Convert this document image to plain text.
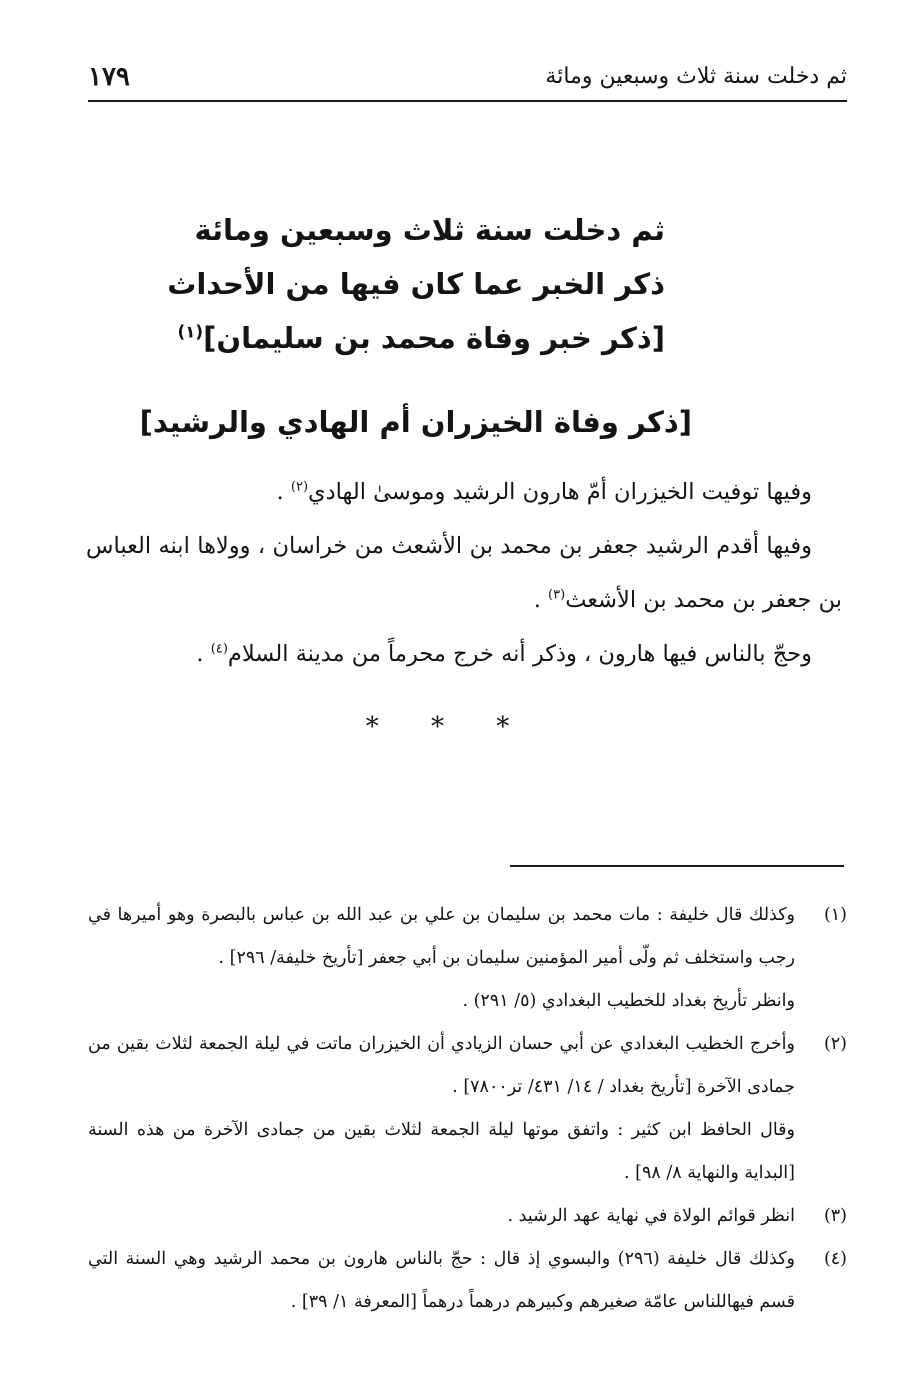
ثم دخلت سنة ثلاث وسبعين ومائة
١٧٩
ثم دخلت سنة ثلاث وسبعين ومائة
ذكر الخبر عما كان فيها من الأحداث
[ذكر خبر وفاة محمد بن سليمان]$^{(١)}$
[ذكر وفاة الخيزران أم الهادي والرشيد]

وفيها توفيت الخيزران أمّ هارون الرشيد وموسىٰ الهادي$^{(٢)}$ .

وفيها أقدم الرشيد جعفر بن محمد بن الأشعث من خراسان ، وولاها ابنه العباس بن جعفر بن محمد بن الأشعث$^{(٣)}$ .

وحجّ بالناس فيها هارون ، وذكر أنه خرج محرماً من مدينة السلام$^{(٤)}$ .

* * *
(١)
وكذلك قال خليفة : مات محمد بن سليمان بن علي بن عبد الله بن عباس بالبصرة وهو أميرها في رجب واستخلف ثم ولّى أمير المؤمنين سليمان بن أبي جعفر [تأريخ خليفة/ ٢٩٦] .
وانظر تأريخ بغداد للخطيب البغدادي (٥/ ٢٩١) .
(٢)
وأخرج الخطيب البغدادي عن أبي حسان الزيادي أن الخيزران ماتت في ليلة الجمعة لثلاث بقين من جمادى الآخرة [تأريخ بغداد / ١٤/ ٤٣١/ تر٧٨٠٠] .
وقال الحافظ ابن كثير : واتفق موتها ليلة الجمعة لثلاث بقين من جمادى الآخرة من هذه السنة [البداية والنهاية ٨/ ٩٨] .
(٣)
انظر قوائم الولاة في نهاية عهد الرشيد .
(٤)
وكذلك قال خليفة (٢٩٦) والبسوي إذ قال : حجّ بالناس هارون بن محمد الرشيد وهي السنة التي قسم فيهاللناس عامّة صغيرهم وكبيرهم درهماً درهماً [المعرفة ١/ ٣٩] .
